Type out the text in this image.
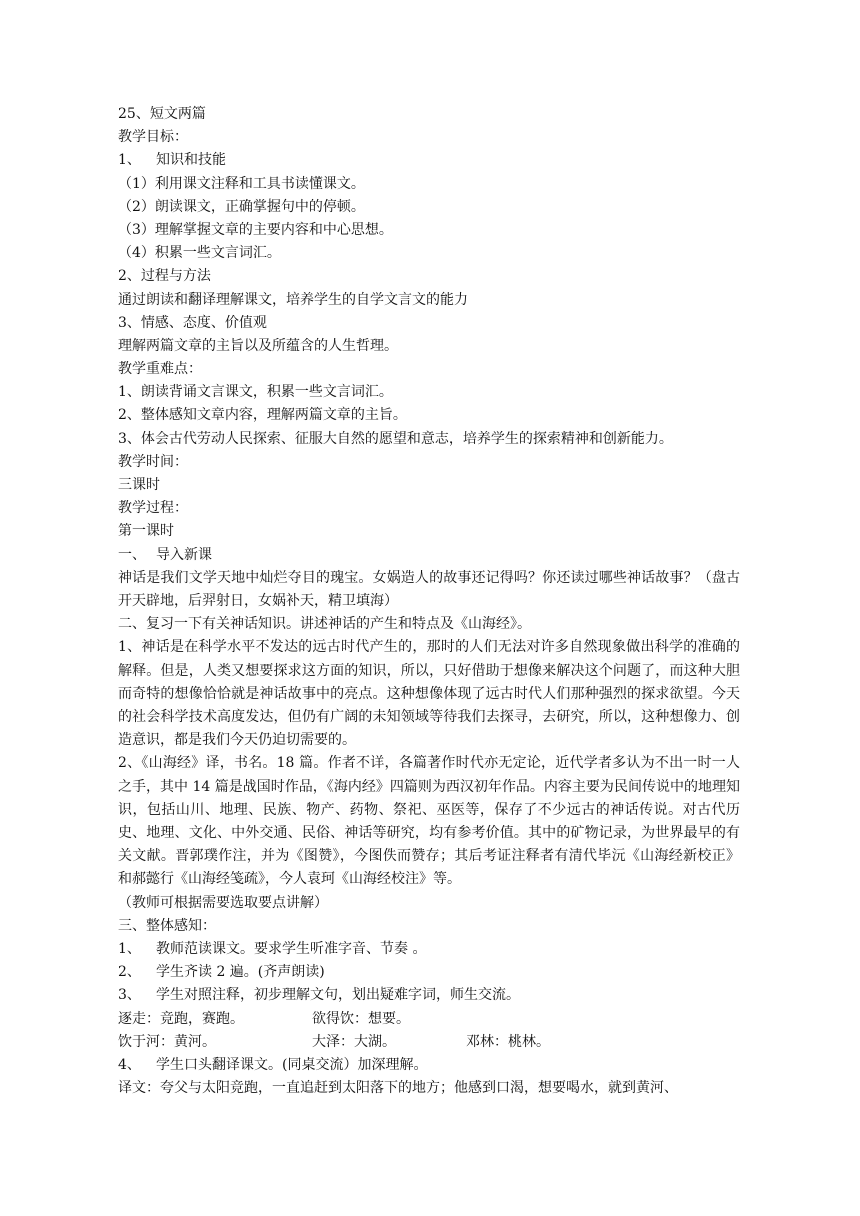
25、短文两篇
教学目标：
1、 知识和技能
（1）利用课文注释和工具书读懂课文。
（2）朗读课文，正确掌握句中的停顿。
（3）理解掌握文章的主要内容和中心思想。
（4）积累一些文言词汇。
2、过程与方法
通过朗读和翻译理解课文，培养学生的自学文言文的能力
3、情感、态度、价值观
理解两篇文章的主旨以及所蕴含的人生哲理。
教学重难点：
1、朗读背诵文言课文，积累一些文言词汇。
2、整体感知文章内容，理解两篇文章的主旨。
3、体会古代劳动人民探索、征服大自然的愿望和意志，培养学生的探索精神和创新能力。
教学时间：
三课时
教学过程：
第一课时
一、 导入新课

神话是我们文学天地中灿烂夺目的瑰宝。女娲造人的故事还记得吗？你还读过哪些神话故事？（盘古开天辟地，后羿射日，女娲补天，精卫填海）

二、复习一下有关神话知识。讲述神话的产生和特点及《山海经》。

1、神话是在科学水平不发达的远古时代产生的，那时的人们无法对许多自然现象做出科学的准确的解释。但是，人类又想要探求这方面的知识，所以，只好借助于想像来解决这个问题了，而这种大胆而奇特的想像恰恰就是神话故事中的亮点。这种想像体现了远古时代人们那种强烈的探求欲望。今天的社会科学技术高度发达，但仍有广阔的未知领域等待我们去探寻，去研究，所以，这种想像力、创造意识，都是我们今天仍迫切需要的。

2、《山海经》译，书名。18 篇。作者不详，各篇著作时代亦无定论，近代学者多认为不出一时一人之手，其中 14 篇是战国时作品，《海内经》四篇则为西汉初年作品。内容主要为民间传说中的地理知识，包括山川、地理、民族、物产、药物、祭祀、巫医等，保存了不少远古的神话传说。对古代历史、地理、文化、中外交通、民俗、神话等研究，均有参考价值。其中的矿物记录，为世界最早的有关文献。晋郭璞作注，并为《图赞》，今图佚而赞存；其后考证注释者有清代毕沅《山海经新校正》和郝懿行《山海经笺疏》，今人袁珂《山海经校注》等。

（教师可根据需要选取要点讲解）
三、整体感知：
1、 教师范读课文。要求学生听准字音、节奏 。
2、 学生齐读 2 遍。(齐声朗读)
3、 学生对照注释，初步理解文句，划出疑难字词，师生交流。
逐走：竞跑，赛跑。	欲得饮：想要。
饮于河：黄河。	大泽：大湖。	邓林：桃林。
4、 学生口头翻译课文。(同桌交流）加深理解。
译文：夸父与太阳竞跑，一直追赶到太阳落下的地方；他感到口渴，想要喝水，就到黄河、
